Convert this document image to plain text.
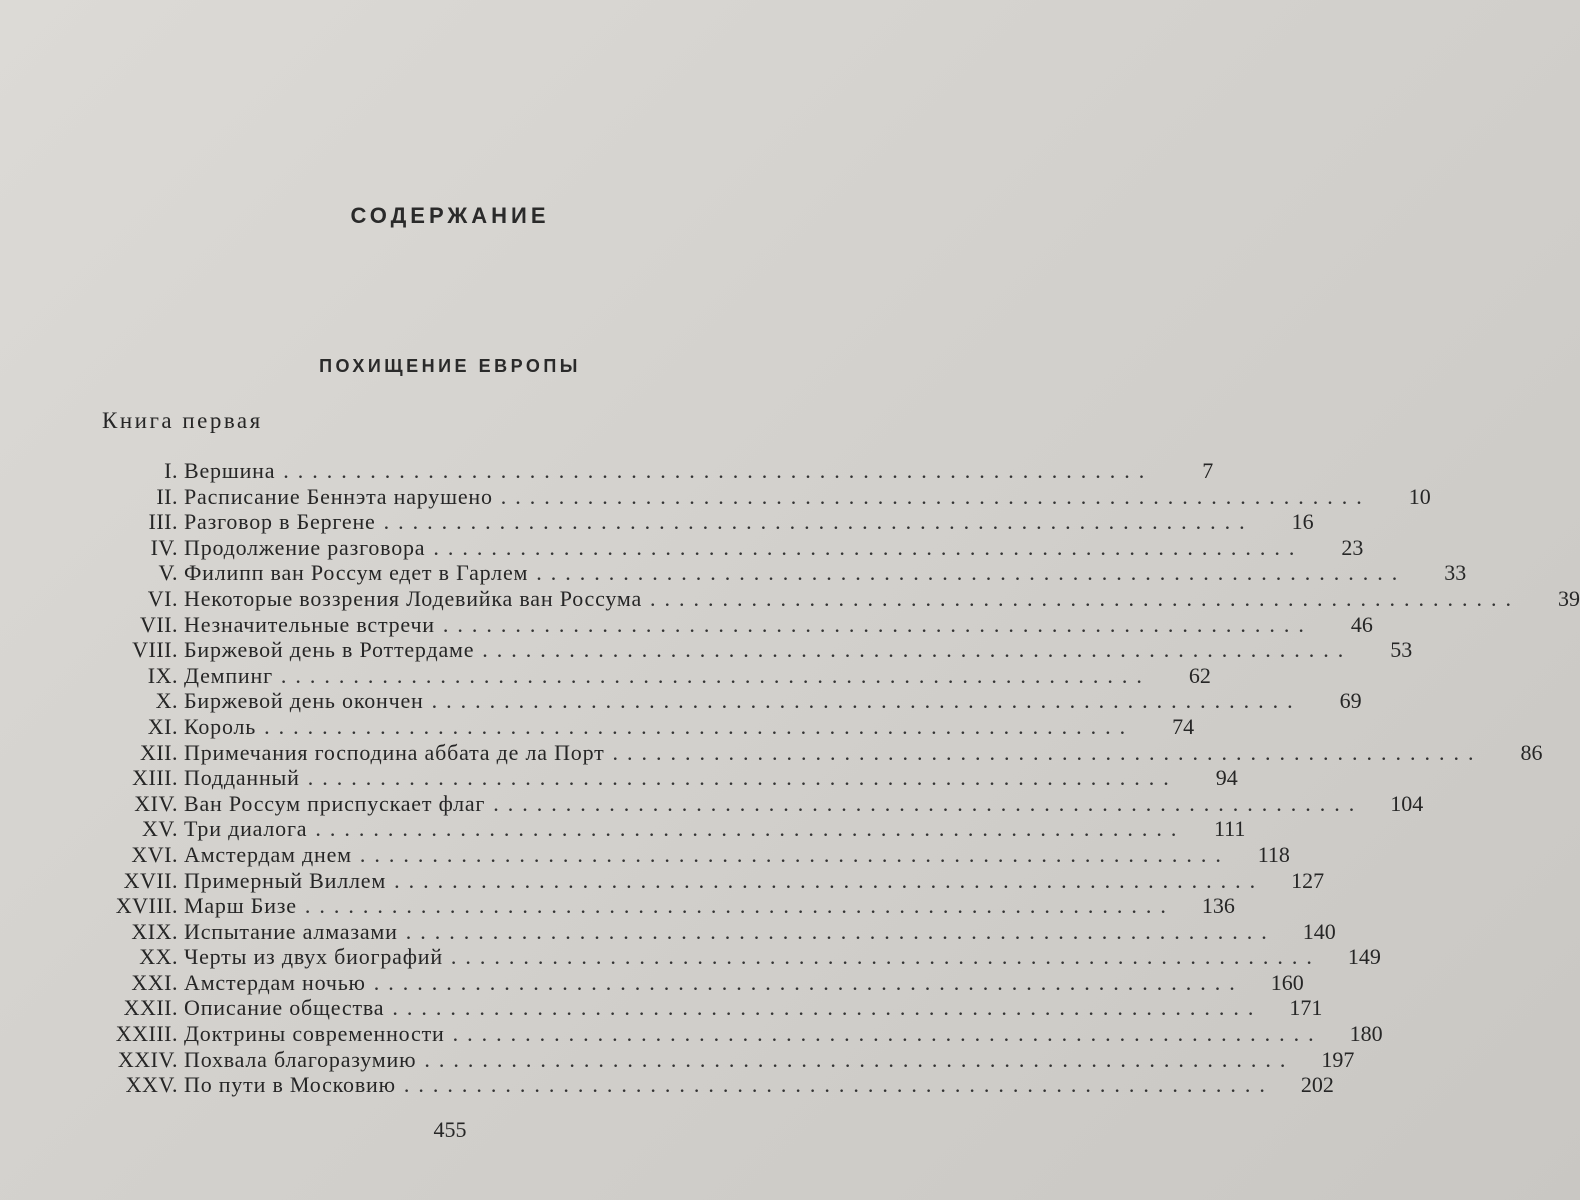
СОДЕРЖАНИЕ
ПОХИЩЕНИЕ ЕВРОПЫ
Книга первая
I. Вершина ............................................................	7
II. Расписание Беннэта нарушено ............................................................	10
III. Разговор в Бергене ............................................................	16
IV. Продолжение разговора ............................................................	23
V. Филипп ван Россум едет в Гарлем ............................................................	33
VI. Некоторые воззрения Лодевийка ван Россума ............................................................	39
VII. Незначительные встречи ............................................................	46
VIII. Биржевой день в Роттердаме ............................................................	53
IX. Демпинг ............................................................	62
X. Биржевой день окончен ............................................................	69
XI. Король ............................................................	74
XII. Примечания господина аббата де ла Порт ............................................................	86
XIII. Подданный ............................................................	94
XIV. Ван Россум приспускает флаг ............................................................	104
XV. Три диалога ............................................................	111
XVI. Амстердам днем ............................................................	118
XVII. Примерный Виллем ............................................................	127
XVIII. Марш Бизе ............................................................	136
XIX. Испытание алмазами ............................................................	140
XX. Черты из двух биографий ............................................................	149
XXI. Амстердам ночью ............................................................	160
XXII. Описание общества ............................................................	171
XXIII. Доктрины современности ............................................................	180
XXIV. Похвала благоразумию ............................................................	197
XXV. По пути в Московию ............................................................	202
455
